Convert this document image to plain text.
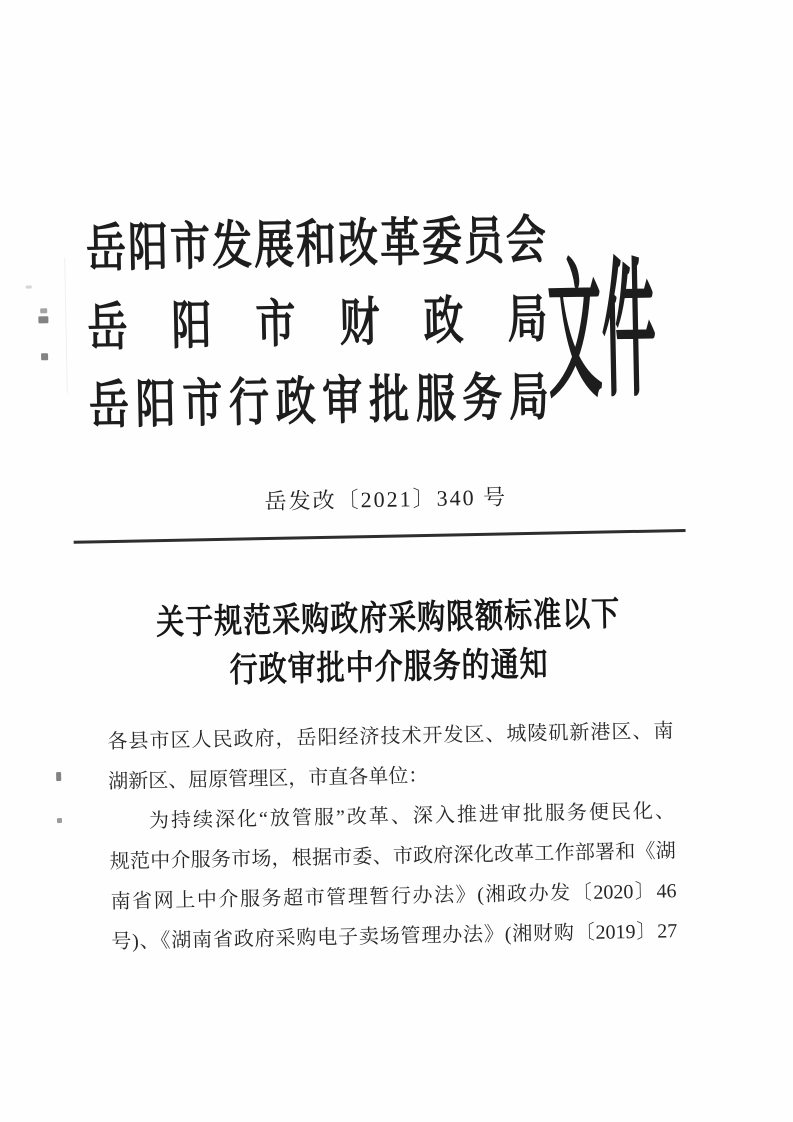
岳阳市发展和改革委员会
岳阳市财政局
岳阳市行政审批服务局
文件
岳发改〔2021〕340 号
关于规范采购政府采购限额标准以下
行政审批中介服务的通知
各县市区人民政府，岳阳经济技术开发区、城陵矶新港区、南
湖新区、屈原管理区，市直各单位：
为持续深化“放管服”改革、深入推进审批服务便民化、
规范中介服务市场，根据市委、市政府深化改革工作部署和《湖
南省网上中介服务超市管理暂行办法》(湘政办发〔2020〕46
号)、《湖南省政府采购电子卖场管理办法》(湘财购〔2019〕27
